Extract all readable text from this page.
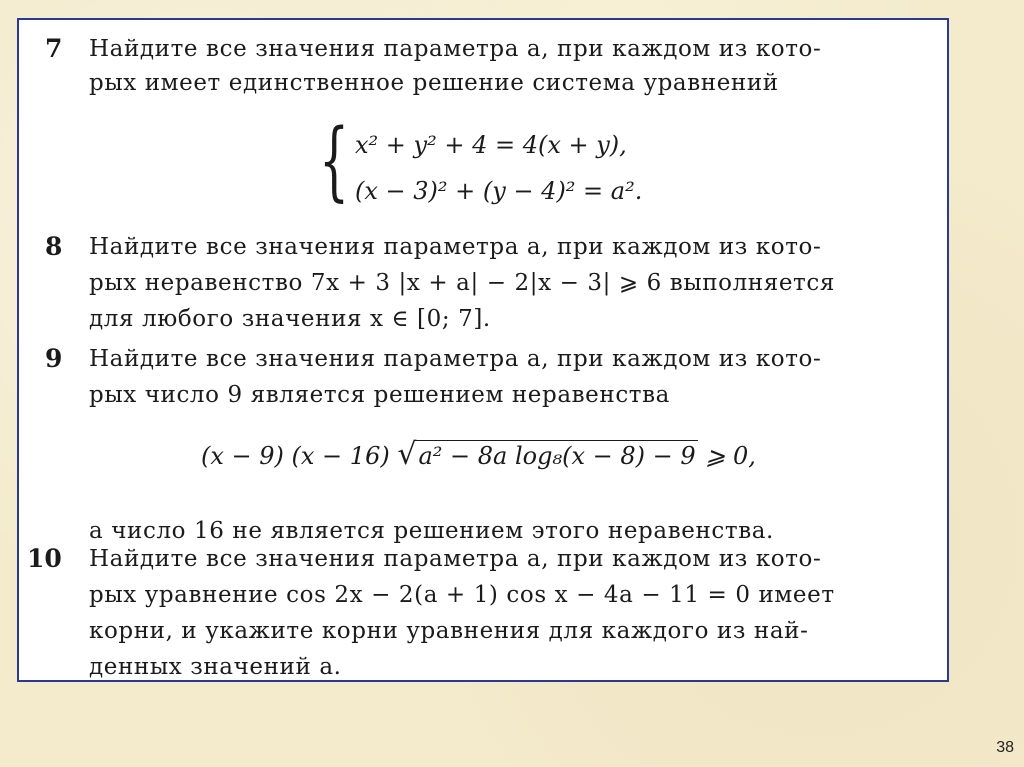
7 Найдите все значения параметра a, при каждом из кото-
рых имеет единственное решение система уравнений
{ x² + y² + 4 = 4(x + y),
(x − 3)² + (y − 4)² = a².
8 Найдите все значения параметра a, при каждом из кото-
рых неравенство 7x + 3 |x + a| − 2|x − 3| ⩾ 6 выполняется
для любого значения x ∈ [0; 7].
9 Найдите все значения параметра a, при каждом из кото-
рых число 9 является решением неравенства
(x − 9) (x − 16) √a² − 8a log₈(x − 8) − 9 ⩾ 0,
а число 16 не является решением этого неравенства.
10 Найдите все значения параметра a, при каждом из кото-
рых уравнение cos 2x − 2(a + 1) cos x − 4a − 11 = 0 имеет
корни, и укажите корни уравнения для каждого из най-
денных значений a.
38
